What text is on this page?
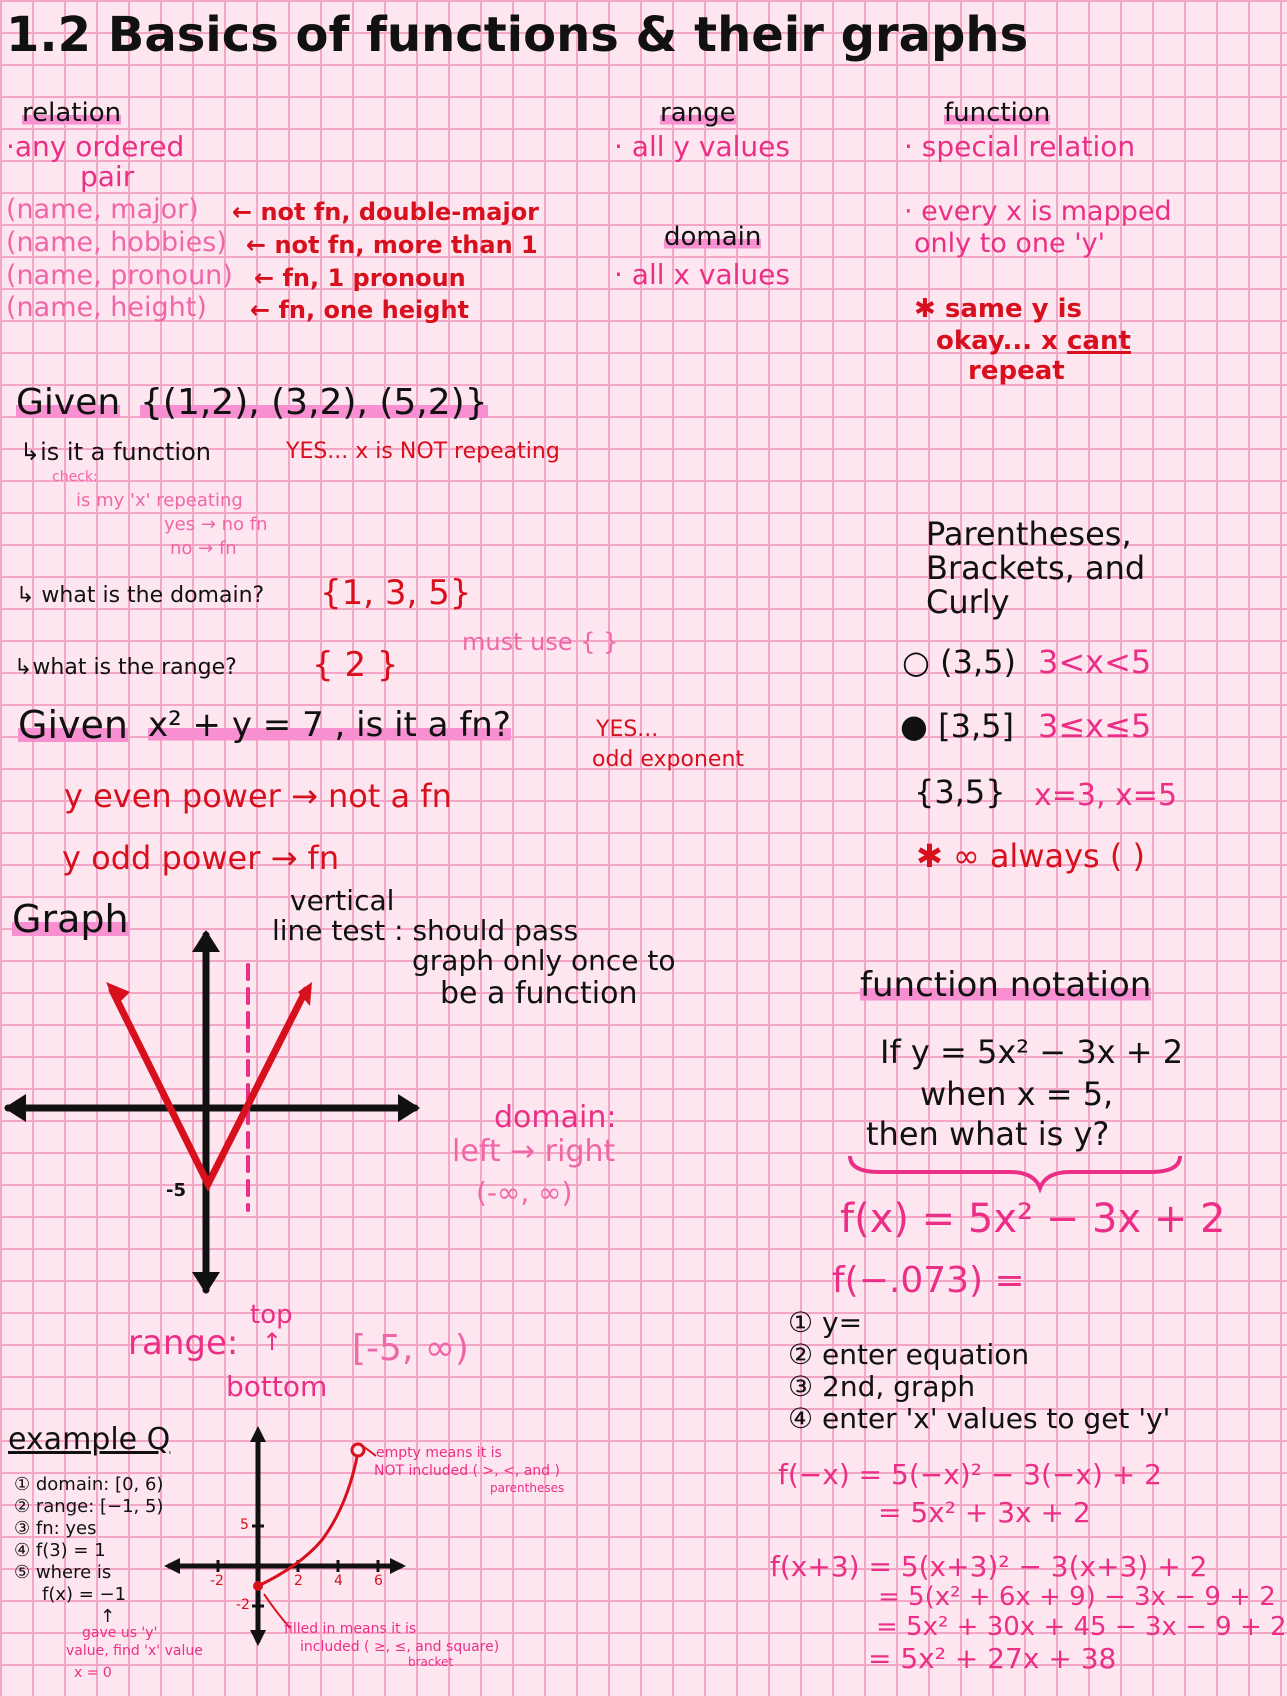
1.2 Basics of functions & their graphs
relation
·any ordered
pair
(name, major) ← not fn, double-major
(name, hobbies) ← not fn, more than 1
(name, pronoun) ← fn, 1 pronoun
(name, height) ← fn, one height
range
· all y values
domain
· all x values
function
· special relation
· every x is mapped
only to one 'y'
✱ same y is
okay... x cant
repeat
Given {(1,2), (3,2), (5,2)}
↳is it a function	YES... x is NOT repeating
check:
is my 'x' repeating
yes → no fn
no → fn
↳ what is the domain? {1, 3, 5}
↳what is the range? { 2 }
must use { }
Given x² + y = 7 , is it a fn?	YES...
odd exponent
y even power → not a fn
y odd power → fn
Parentheses,
Brackets, and
Curly
○ (3,5) 3<x<5
● [3,5] 3≤x≤5
{3,5} x=3, x=5
✱ ∞ always ( )
Graph	vertical
line test : should pass
graph only once to
be a function
-5
domain:
left → right
(-∞, ∞)
range:
top
↑
bottom
[-5, ∞)
function notation
If y = 5x² − 3x + 2
when x = 5,
then what is y?
f(x) = 5x² − 3x + 2
f(−.073) =
① y=
② enter equation
③ 2nd, graph
④ enter 'x' values to get 'y'
f(−x) = 5(−x)² − 3(−x) + 2
= 5x² + 3x + 2
f(x+3) = 5(x+3)² − 3(x+3) + 2
= 5(x² + 6x + 9) − 3x − 9 + 2
= 5x² + 30x + 45 − 3x − 9 + 2
= 5x² + 27x + 38
example Q
① domain: [0, 6)
② range: [−1, 5)
③ fn: yes
④ f(3) = 1
⑤ where is
f(x) = −1
↑
gave us 'y'
value, find 'x' value
x = 0
empty means it is
NOT included ( >, <, and )
parentheses
filled in means it is
included ( ≥, ≤, and square)
bracket
5
-2	2 4 6
-2
